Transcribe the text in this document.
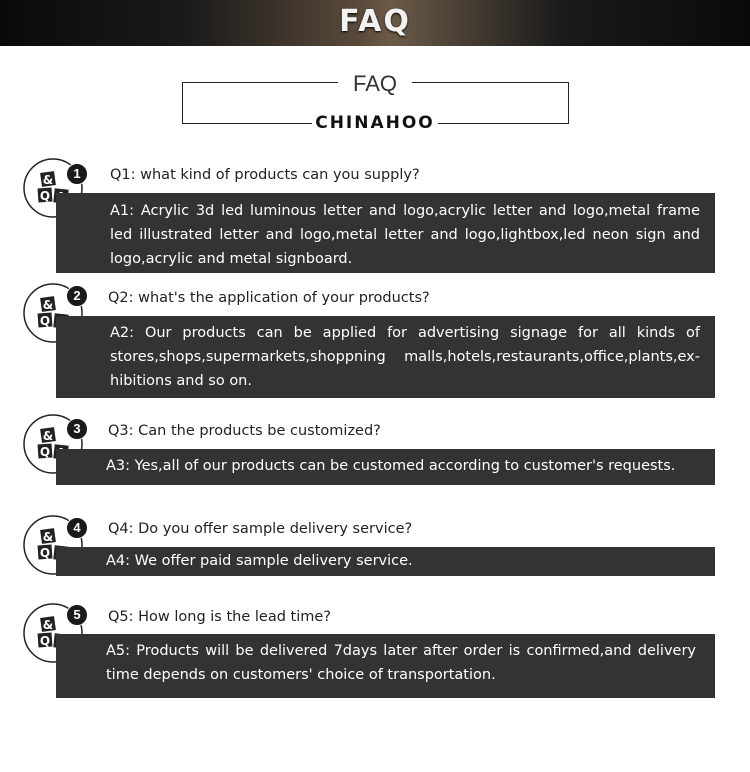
FAQ
FAQ
CHINAHOO
&
Q
1	Q1: what kind of products can you supply?
A1: Acrylic 3d led luminous letter and logo,acrylic letter and logo,metal frame led illustrated letter and logo,metal letter and logo,lightbox,led neon sign and logo,acrylic and metal signboard.
&
Q
2	Q2: what's the application of your products?
A2: Our products can be applied for advertising signage for all kinds of stores,shops,supermarkets,shoppning malls,hotels,restaurants,office,plants,ex-hibitions and so on.
&
Q
3	Q3: Can the products be customized?
A3: Yes,all of our products can be customed according to customer's requests.
&
Q
4	Q4: Do you offer sample delivery service?
A4: We offer paid sample delivery service.
&
Q
5	Q5: How long is the lead time?
A5: Products will be delivered 7days later after order is confirmed,and delivery time depends on customers' choice of transportation.
